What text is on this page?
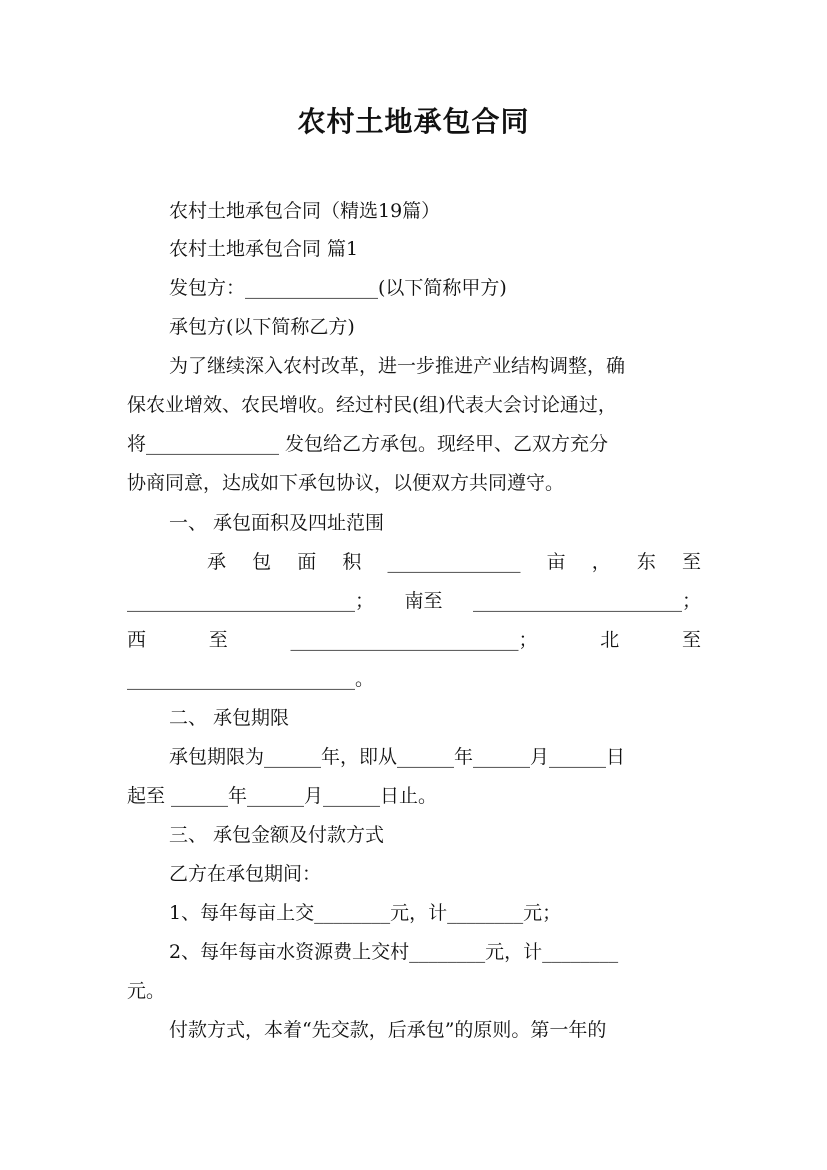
农村土地承包合同
农村土地承包合同（精选19篇）
农村土地承包合同 篇1
发包方：______________(以下简称甲方)
承包方(以下简称乙方)
为了继续深入农村改革，进一步推进产业结构调整，确
保农业增效、农民增收。经过村民(组)代表大会讨论通过，
将______________ 发包给乙方承包。现经甲、乙双方充分
协商同意，达成如下承包协议，以便双方共同遵守。
一、 承包面积及四址范围
承 包 面 积 ______________ 亩 ， 东 至
________________________； 南至 ______________________；
西	至	________________________；	北	至
________________________。
二、 承包期限
承包期限为______年，即从______年______月______日
起至 ______年______月______日止。
三、 承包金额及付款方式
乙方在承包期间：
1、每年每亩上交________元，计________元；
2、每年每亩水资源费上交村________元，计________
元。
付款方式，本着“先交款，后承包”的原则。第一年的
